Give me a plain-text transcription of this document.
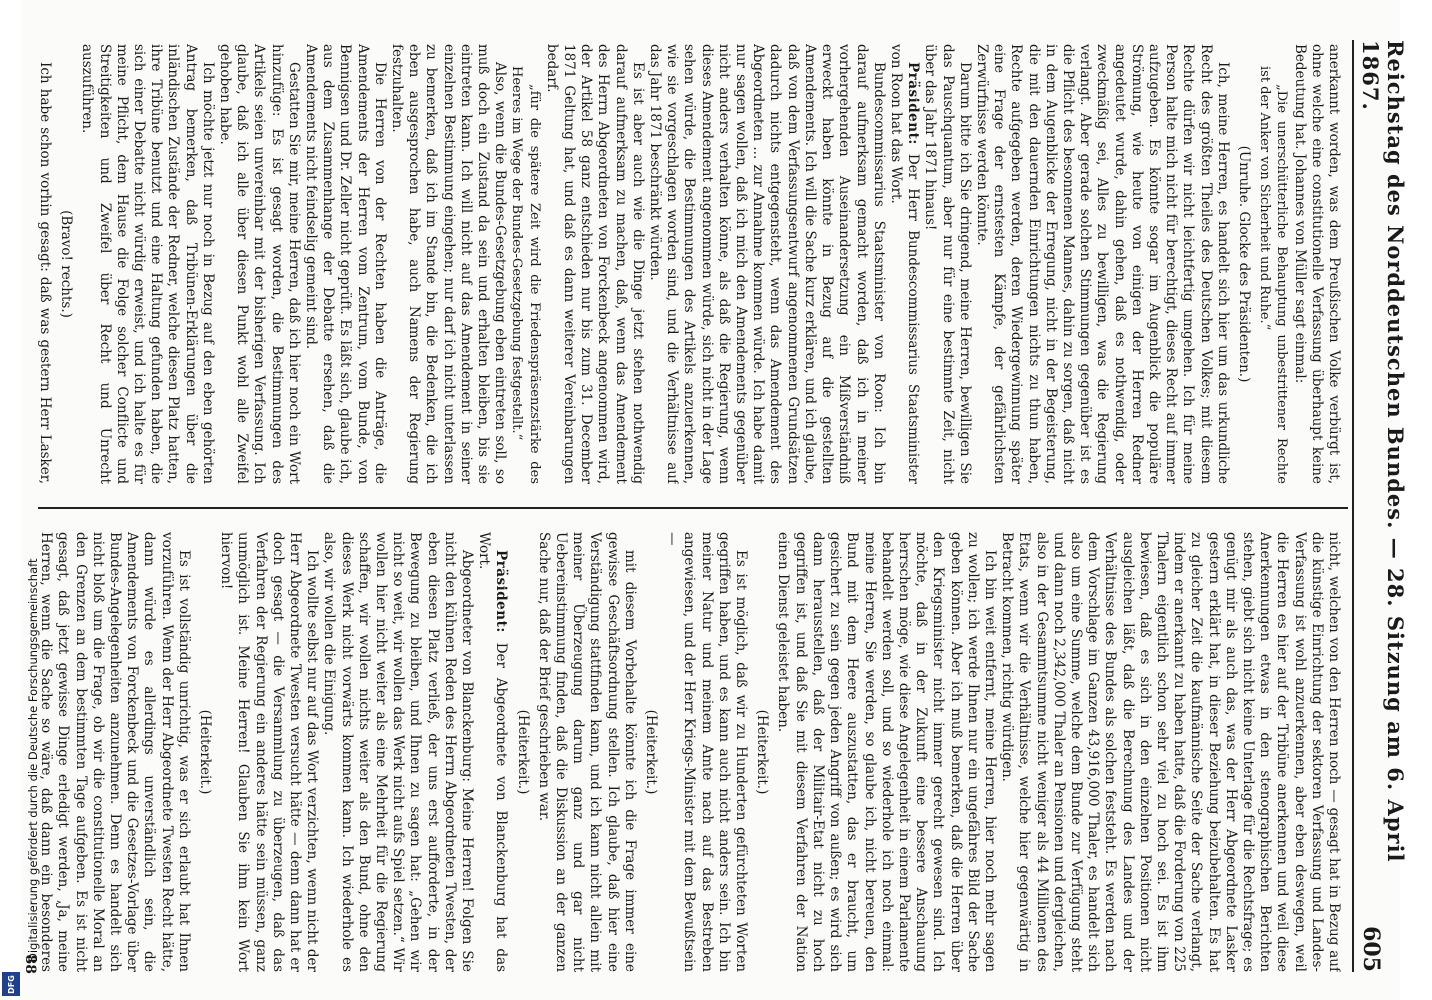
Reichstag des Norddeutschen Bundes. — 28. Sitzung am 6. April 1867.
605

anerkannt worden, was dem Preußischen Volke verbürgt ist, ohne welche eine constitutionelle Verfassung überhaupt keine Bedeutung hat. Johannes von Müller sagt einmal:

„Die unerschütterliche Behauptung unbestrittener Rechte ist der Anker von Sicherheit und Ruhe.“

(Unruhe. Glocke des Präsidenten.)

Ich, meine Herren, es handelt sich hier um das urkundliche Recht des größten Theiles des Deutschen Volkes; mit diesem Rechte dürfen wir nicht leichtfertig umgehen. Ich für meine Person halte mich nicht für berechtigt, dieses Recht auf immer aufzugeben. Es könnte sogar im Augenblick die populäre Strömung, wie heute von einigen der Herren Redner angedeutet wurde, dahin gehen, daß es nothwendig, oder zweckmäßig sei, Alles zu bewilligen, was die Regierung verlangt. Aber gerade solchen Stimmungen gegenüber ist es die Pflicht des besonnenen Mannes, dahin zu sorgen, daß nicht in dem Augenblicke der Erregung, nicht in der Begeisterung, die mit den dauernden Einrichtungen nichts zu thun haben, Rechte aufgegeben werden, deren Wiedergewinnung später eine Frage der ernstesten Kämpfe, der gefährlichsten Zerwürfnisse werden könnte.

Darum bitte ich Sie dringend, meine Herren, bewilligen Sie das Pauschquantum, aber nur für eine bestimmte Zeit, nicht über das Jahr 1871 hinaus!

Präsident: Der Herr Bundescommissarius Staatsminister von Roon hat das Wort.

Bundescommissarius Staatsminister von Roon: Ich bin darauf aufmerksam gemacht worden, daß ich in meiner vorhergehenden Auseinandersetzung ein Mißverständniß erweckt haben könnte in Bezug auf die gestellten Amendements. Ich will die Sache kurz erklären, und ich glaube, daß von dem Verfassungsentwurf angenommenen Grundsätzen dadurch nichts entgegensteht, wenn das Amendement des Abgeordneten ... zur Annahme kommen würde. Ich habe damit nur sagen wollen, daß ich mich den Amendements gegenüber nicht anders verhalten könne, als daß die Regierung, wenn dieses Amendement angenommen würde, sich nicht in der Lage sehen würde, die Bestimmungen des Artikels anzuerkennen, wie sie vorgeschlagen worden sind, und die Verhältnisse auf das Jahr 1871 beschränkt würden.

Es ist aber auch wie die Dinge jetzt stehen nothwendig darauf aufmerksam zu machen, daß, wenn das Amendement des Herrn Abgeordneten von Forckenbeck angenommen wird, der Artikel 58 ganz entschieden nur bis zum 31. December 1871 Geltung hat, und daß es dann weiterer Vereinbarungen bedarf.

„für die spätere Zeit wird die Friedenspräsenzstärke des Heeres im Wege der Bundes-Gesetzgebung festgestellt.“

Also, wenn die Bundes-Gesetzgebung eben eintreten soll, so muß doch ein Zustand da sein und erhalten bleiben, bis sie eintreten kann. Ich will nicht auf das Amendement in seiner einzelnen Bestimmung eingehen; nur darf ich nicht unterlassen zu bemerken, daß ich im Stande bin, die Bedenken, die ich eben ausgesprochen habe, auch Namens der Regierung festzuhalten.

Die Herren von der Rechten haben die Anträge, die Amendements der Herren vom Zentrum, vom Bunde, von Bennigsen und Dr. Zeller nicht geprüft. Es läßt sich, glaube ich, aus dem Zusammenhange der Debatte ersehen, daß die Amendements nicht feindselig gemeint sind.

Gestatten Sie mir, meine Herren, daß ich hier noch ein Wort hinzufüge: Es ist gesagt worden, die Bestimmungen des Artikels seien unvereinbar mit der bisherigen Verfassung. Ich glaube, daß ich alle über diesen Punkt wohl alle Zweifel gehoben habe.

Ich möchte jetzt nur noch in Bezug auf den eben gehörten Antrag bemerken, daß Tribünen-Erklärungen über die inländischen Zustände der Redner, welche diesen Platz hatten, ihre Tribüne benutzt und eine Haltung gefunden haben, die sich einer Debatte nicht würdig erweist, und ich halte es für meine Pflicht, dem Hause die Folge solcher Conflicte und Streitigkeiten und Zweifel über Recht und Unrecht auszuführen.

(Bravo! rechts.)

Ich habe schon vorhin gesagt: daß was gestern Herr Lasker,

nicht, welchen von den Herren noch — gesagt hat in Bezug auf die künstige Einrichtung der sektoren Verfassung und Landes-Verfassung ist wohl anzuerkennen, aber eben deswegen, weil die Herren es hier auf der Tribüne anerkennen und weil diese Anerkennungen etwas in den stenographischen Berichten stehen, giebt sich nicht keine Unterlage für die Rechtsfrage; es genügt mir als auch das, was der Herr Abgeordnete Lasker gestern erklärt hat, in dieser Beziehung beizubehalten. Es hat zu gleicher Zeit die kaufmännische Seite der Sache verlangt, indem er anerkannt zu haben hatte, daß die Forderung von 225 Thalern eigentlich schon sehr viel zu hoch sei. Es ist ihm bewiesen, daß es sich in den einzelnen Positionen nicht ausgleichen läßt, daß die Berechnung des Landes und der Verhältnisse des Bundes als solchen feststeht. Es werden nach dem Vorschlage im Ganzen 43,916,000 Thaler, es handelt sich also um eine Summe, welche dem Bunde zur Verfügung steht und dann noch 2,342,000 Thaler an Pensionen und dergleichen, also in der Gesammtsumme nicht weniger als 44 Millionen des Etats, wenn wir die Verhältnisse, welche hier gegenwärtig in Betracht kommen, richtig würdigen.

Ich bin weit entfernt, meine Herren, hier noch mehr sagen zu wollen; ich werde Ihnen nur ein ungefähres Bild der Sache geben können. Aber ich muß bemerken, daß die Herren über den Kriegsminister nicht immer gerecht gewesen sind. Ich möchte, daß in der Zukunft eine bessere Anschauung herrschen möge, wie diese Angelegenheit in einem Parlamente behandelt werden soll, und so wiederhole ich noch einmal: meine Herren, Sie werden, so glaube ich, nicht bereuen, den Bund mit dem Heere auszustatten, das er braucht, um gesichert zu sein gegen jeden Angriff von außen; es wird sich dann herausstellen, daß der Militair-Etat nicht zu hoch gegriffen ist, und daß Sie mit diesem Verfahren der Nation einen Dienst geleistet haben.

(Heiterkeit.)

Es ist möglich, daß wir zu Hunderten gefürchteten Worten gegriffen haben, und es kann auch nicht anders sein. Ich bin meiner Natur und meinem Amte nach auf das Bestreben angewiesen, und der Herr Kriegs-Minister mit dem Bewußtsein —

(Heiterkeit.)

mit diesem Vorbehalte könnte ich die Frage immer eine gewisse Geschäftsordnung stellen. Ich glaube, daß hier eine Verständigung stattfinden kann, und ich kann nicht allein mit meiner Überzeugung darum ganz und gar nicht Uebereinstimmung finden, daß die Diskussion an der ganzen Sache nur, daß der Brief geschrieben war.

(Heiterkeit.)

Präsident: Der Abgeordnete von Blanckenburg hat das Wort.

Abgeordneter von Blanckenburg: Meine Herren! Folgen Sie nicht den kühnen Reden des Herrn Abgeordneten Twesten, der eben diesen Platz verließ, der uns erst aufforderte, in der Bewegung zu bleiben, und Ihnen zu sagen hat: „Gehen wir nicht so weit, wir wollen das Werk nicht aufs Spiel setzen.“ Wir wollen hier nicht weiter als eine Mehrheit für die Regierung schaffen, wir wollen nichts weiter als den Bund, ohne den dieses Werk nicht vorwärts kommen kann. Ich wiederhole es also, wir wollen die Einigung.

Ich wollte selbst nur auf das Wort verzichten, wenn nicht der Herr Abgeordnete Twesten versucht hätte — denn dann hat er doch gesagt — die Versammlung zu überzeugen, daß das Verfahren der Regierung ein anderes hätte sein müssen, ganz unmöglich ist. Meine Herren! Glauben Sie ihm kein Wort hiervon!

(Heiterkeit.)

Es ist vollständig unrichtig, was er sich erlaubt hat Ihnen vorzuführen. Wenn der Herr Abgeordnete Twesten Recht hätte, dann würde es allerdings unverständlich sein, die Amendements von Forckenbeck und die Gesetzes-Vorlage über Bundes-Angelegenheiten anzunehmen. Denn es handelt sich nicht bloß um die Frage, ob wir die constitutionelle Moral an den Grenzen an dem bestimmten Tage aufgeben. Es ist nicht gesagt, daß jetzt gewisse Dinge erledigt werden, ‚Ja, meine Herren, wenn die Sache so wäre, daß dann ein besonderes

88
Digitalisierung gefördert durch die Deutsche Forschungsgemeinschaft
DFG
